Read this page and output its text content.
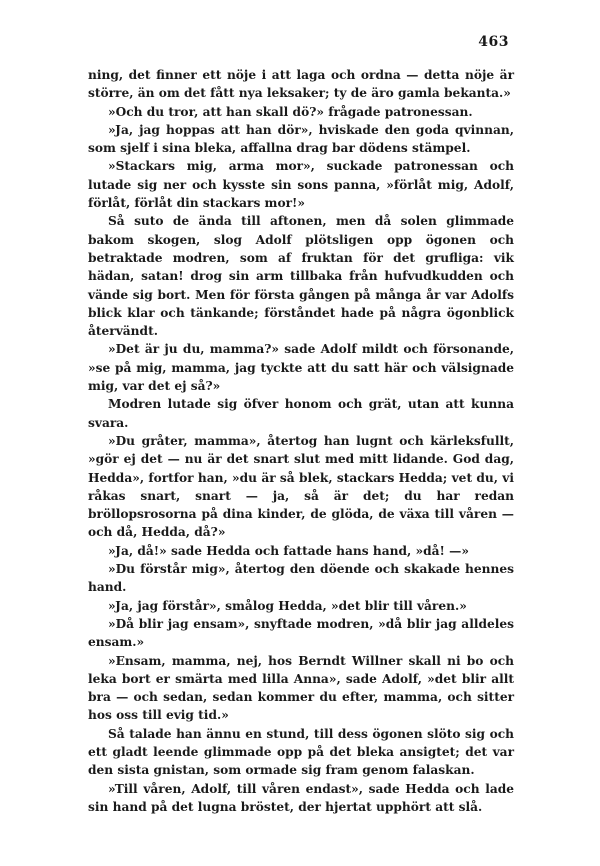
463

ning, det finner ett nöje i att laga och ordna — detta nöje är större, än om det fått nya leksaker; ty de äro gamla bekanta.»

»Och du tror, att han skall dö?» frågade patronessan.

»Ja, jag hoppas att han dör», hviskade den goda qvinnan, som sjelf i sina bleka, affallna drag bar dödens stämpel.

»Stackars mig, arma mor», suckade patronessan och lutade sig ner och kysste sin sons panna, »förlåt mig, Adolf, förlåt, förlåt din stackars mor!»

Så suto de ända till aftonen, men då solen glimmade bakom skogen, slog Adolf plötsligen opp ögonen och betraktade modren, som af fruktan för det grufliga: vik hädan, satan! drog sin arm tillbaka från hufvudkudden och vände sig bort. Men för första gången på många år var Adolfs blick klar och tänkande; förståndet hade på några ögonblick återvändt.

»Det är ju du, mamma?» sade Adolf mildt och försonande, »se på mig, mamma, jag tyckte att du satt här och välsignade mig, var det ej så?»

Modren lutade sig öfver honom och grät, utan att kunna svara.

»Du gråter, mamma», återtog han lugnt och kärleksfullt, »gör ej det — nu är det snart slut med mitt lidande. God dag, Hedda», fortfor han, »du är så blek, stackars Hedda; vet du, vi råkas snart, snart — ja, så är det; du har redan bröllopsrosorna på dina kinder, de glöda, de växa till våren — och då, Hedda, då?»

»Ja, då!» sade Hedda och fattade hans hand, »då! —»

»Du förstår mig», återtog den döende och skakade hennes hand.

»Ja, jag förstår», smålog Hedda, »det blir till våren.»

»Då blir jag ensam», snyftade modren, »då blir jag alldeles ensam.»

»Ensam, mamma, nej, hos Berndt Willner skall ni bo och leka bort er smärta med lilla Anna», sade Adolf, »det blir allt bra — och sedan, sedan kommer du efter, mamma, och sitter hos oss till evig tid.»

Så talade han ännu en stund, till dess ögonen slöto sig och ett gladt leende glimmade opp på det bleka ansigtet; det var den sista gnistan, som ormade sig fram genom falaskan.

»Till våren, Adolf, till våren endast», sade Hedda och lade sin hand på det lugna bröstet, der hjertat upphört att slå.
